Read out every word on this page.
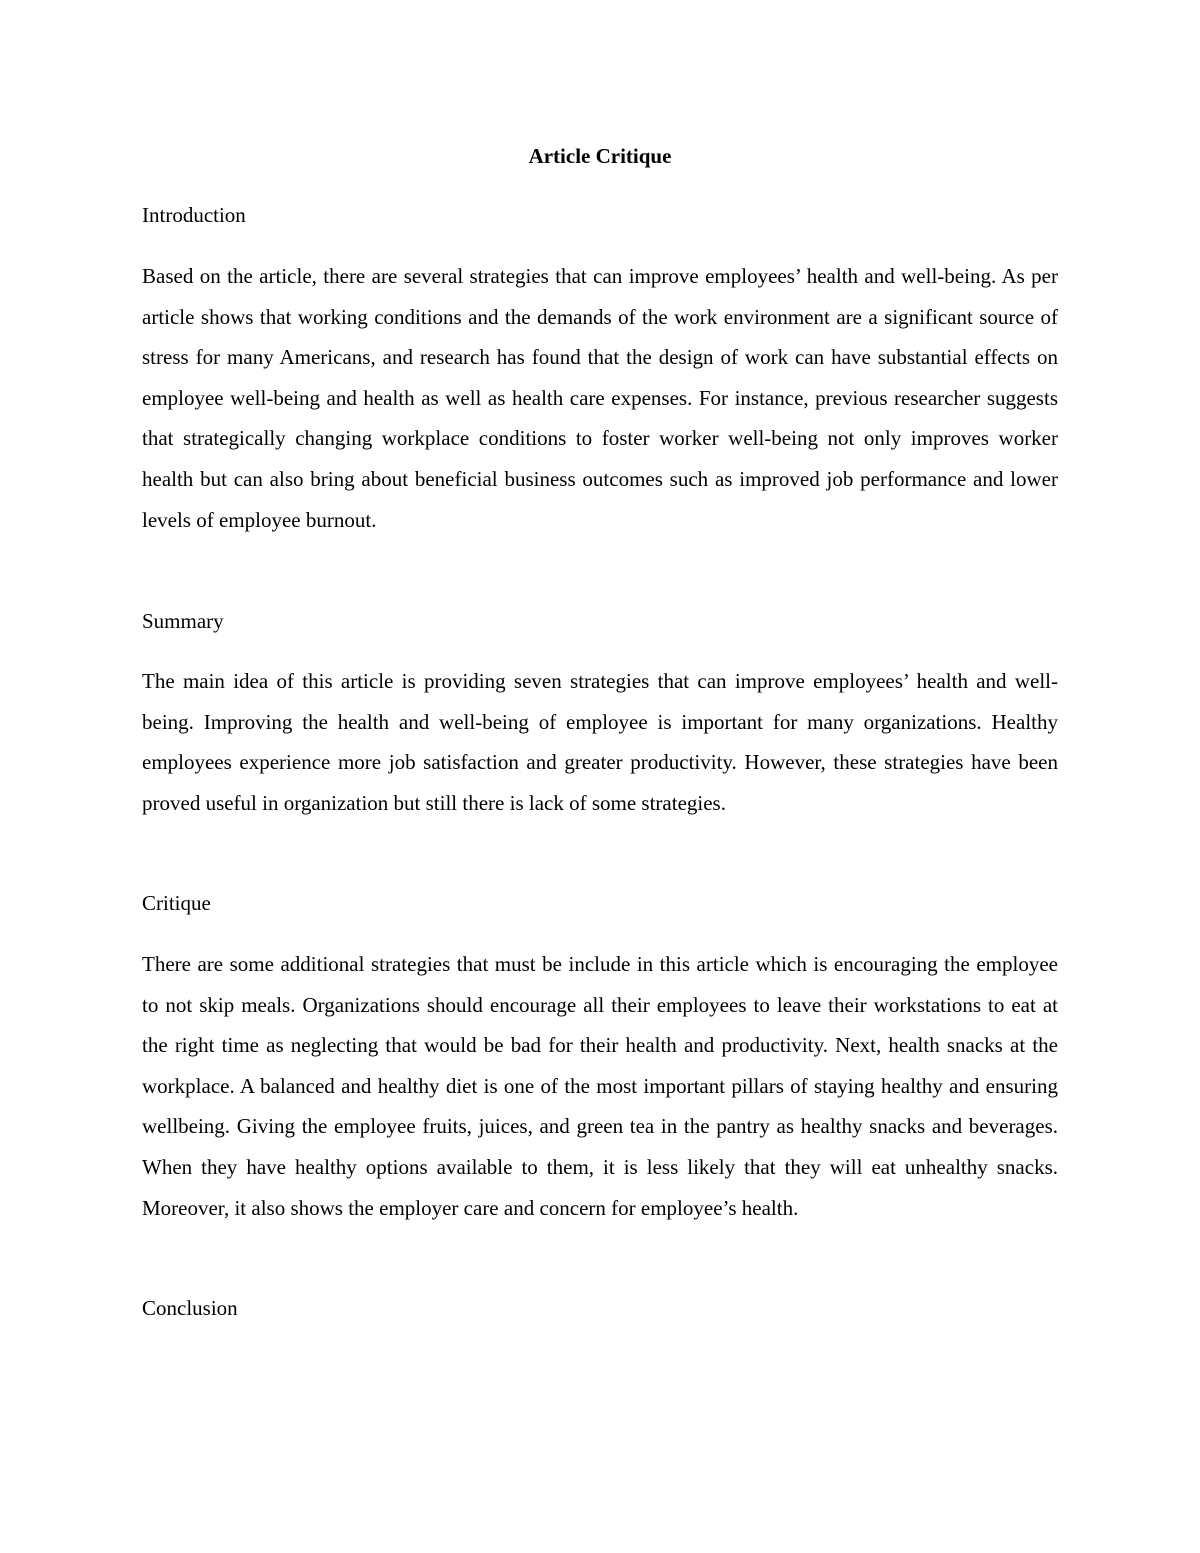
Article Critique
Introduction

Based on the article, there are several strategies that can improve employees’ health and well-being. As per article shows that working conditions and the demands of the work environment are a significant source of stress for many Americans, and research has found that the design of work can have substantial effects on employee well-being and health as well as health care expenses. For instance, previous researcher suggests that strategically changing workplace conditions to foster worker well-being not only improves worker health but can also bring about beneficial business outcomes such as improved job performance and lower levels of employee burnout.

Summary

The main idea of this article is providing seven strategies that can improve employees’ health and well-being. Improving the health and well-being of employee is important for many organizations. Healthy employees experience more job satisfaction and greater productivity. However, these strategies have been proved useful in organization but still there is lack of some strategies.

Critique

There are some additional strategies that must be include in this article which is encouraging the employee to not skip meals. Organizations should encourage all their employees to leave their workstations to eat at the right time as neglecting that would be bad for their health and productivity. Next, health snacks at the workplace. A balanced and healthy diet is one of the most important pillars of staying healthy and ensuring wellbeing. Giving the employee fruits, juices, and green tea in the pantry as healthy snacks and beverages. When they have healthy options available to them, it is less likely that they will eat unhealthy snacks. Moreover, it also shows the employer care and concern for employee’s health.

Conclusion
